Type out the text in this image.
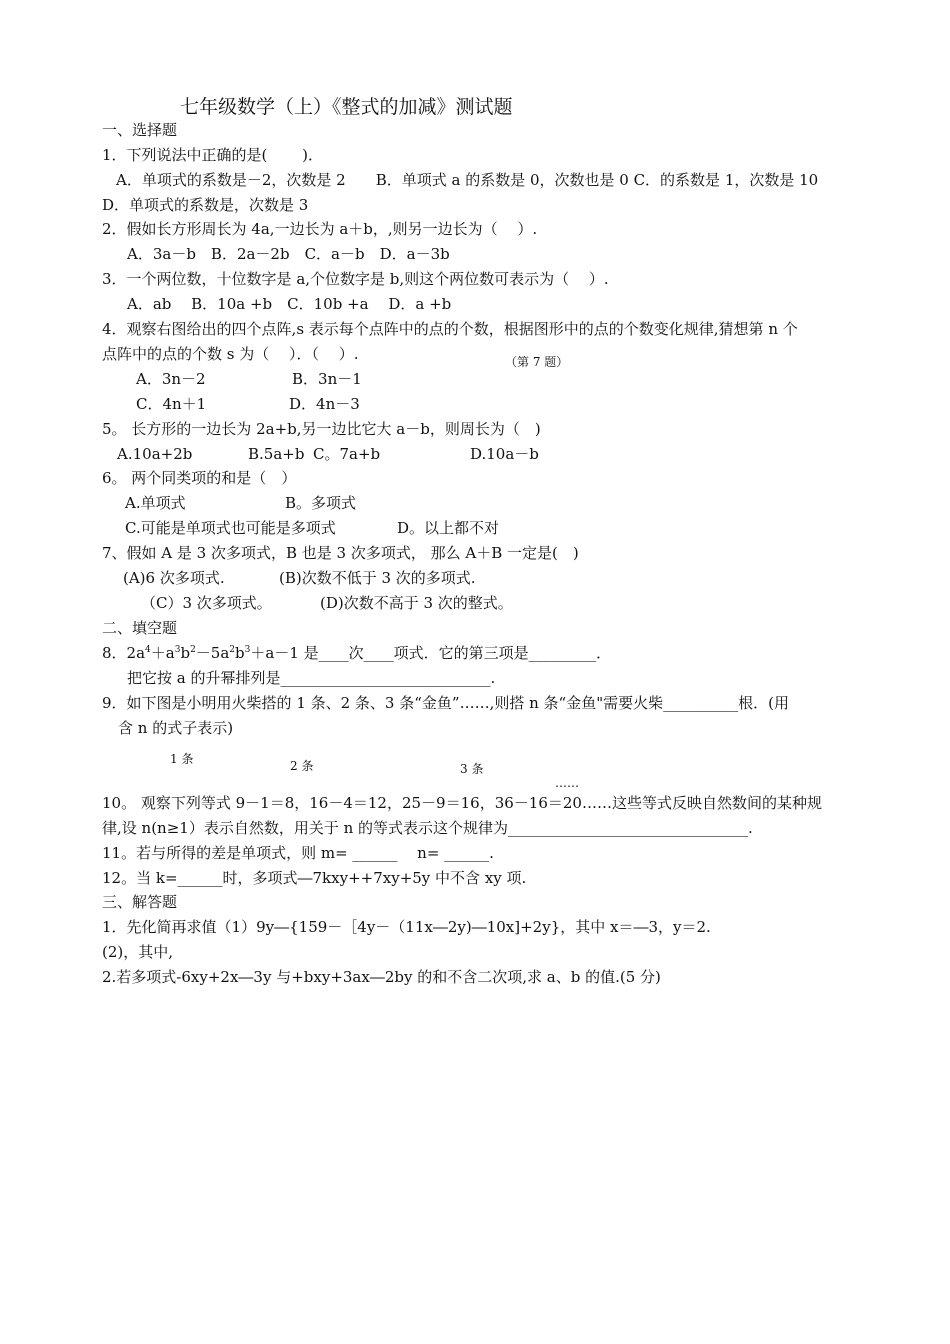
七年级数学（上）《整式的加减》测试题
一、选择题
1．下列说法中正确的是(　　 )．
A．单项式的系数是－2，次数是 2　　B．单项式 a 的系数是 0，次数也是 0 C．的系数是 1，次数是 10
D．单项式的系数是，次数是 3
2．假如长方形周长为 4a,一边长为 a＋b，,则另一边长为（　 ）.
A．3a－b　B．2a－2b　C．a－b　D．a－3b
3．一个两位数，十位数字是 a,个位数字是 b,则这个两位数可表示为（　 ）.
A．ab　 B．10a +b　C．10b +a　 D．a +b
4．观察右图给出的四个点阵,s 表示每个点阵中的点的个数，根据图形中的点的个数变化规律,猜想第 n 个
点阵中的点的个数 s 为（　 ）．（　 ）.	（第 7 题）
A．3n－2	B．3n－1
C．4n＋1	D．4n－3
5。 长方形的一边长为 2a+b,另一边比它大 a－b，则周长为（　)
A.10a+2b	B.5a+b C。7a+b	D.10a－b
6。 两个同类项的和是（　）
A.单项式	B。多项式
C.可能是单项式也可能是多项式	D。以上都不对
7、假如 A 是 3 次多项式，B 也是 3 次多项式， 那么 A＋B 一定是(　)
(A)6 次多项式.	(B)次数不低于 3 次的多项式.
（C）3 次多项式。	(D)次数不高于 3 次的整式。
二、填空题
8．$2a^4+a^3b^2-5a^2b^3+a-1$ 是____次____项式．它的第三项是_________．
把它按 a 的升幂排列是____________________________.
9．如下图是小明用火柴搭的 1 条、2 条、3 条“金鱼”……,则搭 n 条“金鱼"需要火柴__________根．(用
含 n 的式子表示)
1 条	2 条	3 条
……
10。 观察下列等式 9－1＝8，16－4＝12，25－9＝16，36－16＝20……这些等式反映自然数间的某种规
律,设 n(n≥1）表示自然数，用关于 n 的等式表示这个规律为________________________________.
11。若与所得的差是单项式，则 m= ______　 n= ______.
12。当 k=______时，多项式―7kxy+​+7xy+5y 中不含 xy 项.
三、解答题
1．先化简再求值（1）9y―{159－［4y－（11x―2y)―10x]+2y}，其中 x＝―3，y＝2.
(2)，其中,
2.若多项式-6xy+2x―3y 与+bxy+3ax―2by 的和不含二次项,求 a、b 的值.(5 分)
